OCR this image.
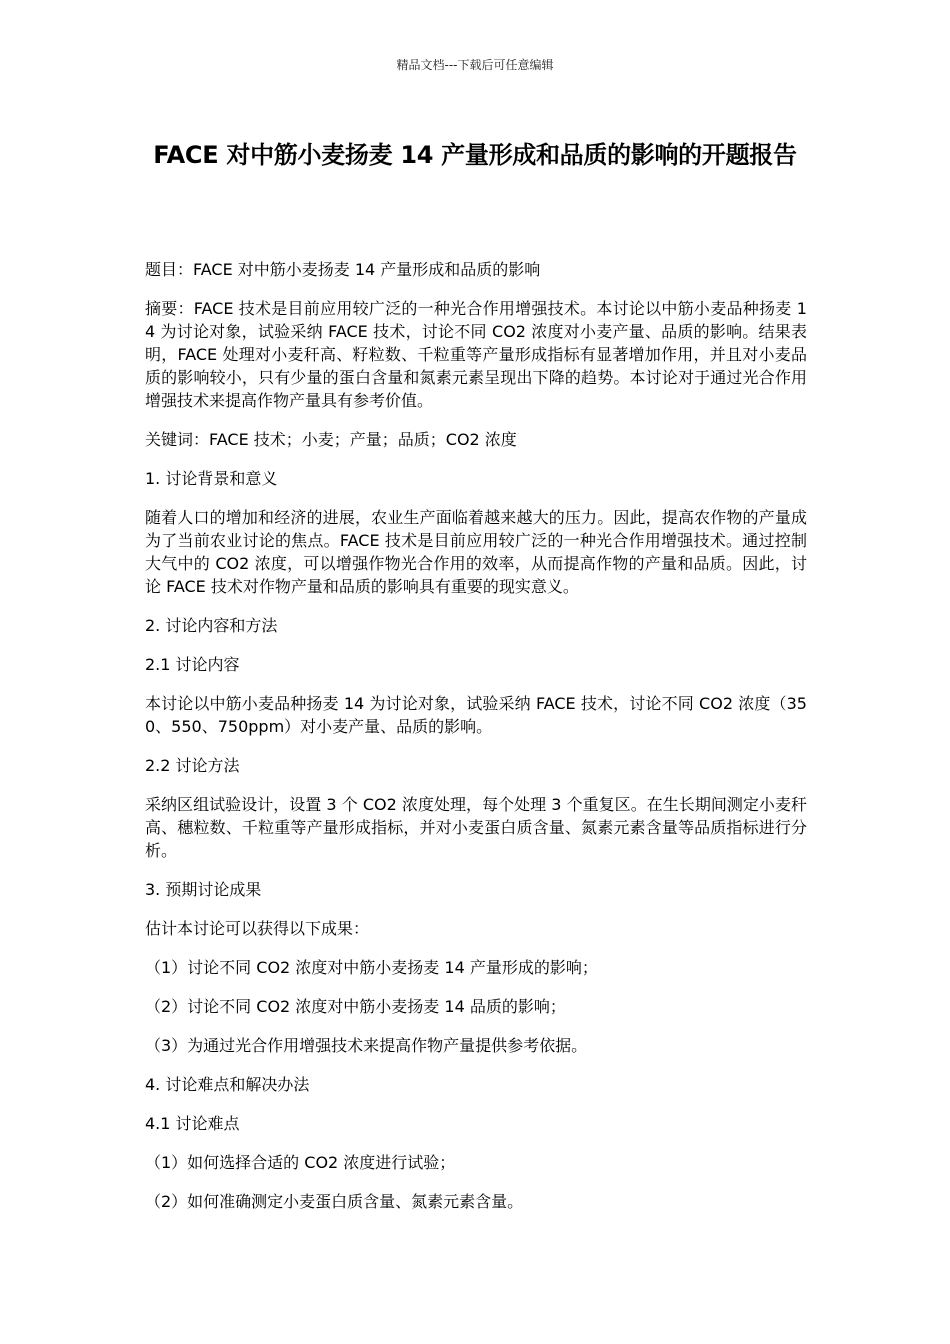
精品文档---下载后可任意编辑
FACE 对中筋小麦扬麦 14 产量形成和品质的影响的开题报告

题目：FACE 对中筋小麦扬麦 14 产量形成和品质的影响

摘要：FACE 技术是目前应用较广泛的一种光合作用增强技术。本讨论以中筋小麦品种扬麦 14 为讨论对象，试验采纳 FACE 技术，讨论不同 CO2 浓度对小麦产量、品质的影响。结果表明，FACE 处理对小麦秆高、籽粒数、千粒重等产量形成指标有显著增加作用，并且对小麦品质的影响较小，只有少量的蛋白含量和氮素元素呈现出下降的趋势。本讨论对于通过光合作用增强技术来提高作物产量具有参考价值。

关键词：FACE 技术；小麦；产量；品质；CO2 浓度

1. 讨论背景和意义

随着人口的增加和经济的进展，农业生产面临着越来越大的压力。因此，提高农作物的产量成为了当前农业讨论的焦点。FACE 技术是目前应用较广泛的一种光合作用增强技术。通过控制大气中的 CO2 浓度，可以增强作物光合作用的效率，从而提高作物的产量和品质。因此，讨论 FACE 技术对作物产量和品质的影响具有重要的现实意义。

2. 讨论内容和方法

2.1 讨论内容

本讨论以中筋小麦品种扬麦 14 为讨论对象，试验采纳 FACE 技术，讨论不同 CO2 浓度（350、550、750ppm）对小麦产量、品质的影响。

2.2 讨论方法

采纳区组试验设计，设置 3 个 CO2 浓度处理，每个处理 3 个重复区。在生长期间测定小麦秆高、穗粒数、千粒重等产量形成指标，并对小麦蛋白质含量、氮素元素含量等品质指标进行分析。

3. 预期讨论成果

估计本讨论可以获得以下成果：

（1）讨论不同 CO2 浓度对中筋小麦扬麦 14 产量形成的影响；

（2）讨论不同 CO2 浓度对中筋小麦扬麦 14 品质的影响；

（3）为通过光合作用增强技术来提高作物产量提供参考依据。

4. 讨论难点和解决办法

4.1 讨论难点

（1）如何选择合适的 CO2 浓度进行试验；

（2）如何准确测定小麦蛋白质含量、氮素元素含量。
